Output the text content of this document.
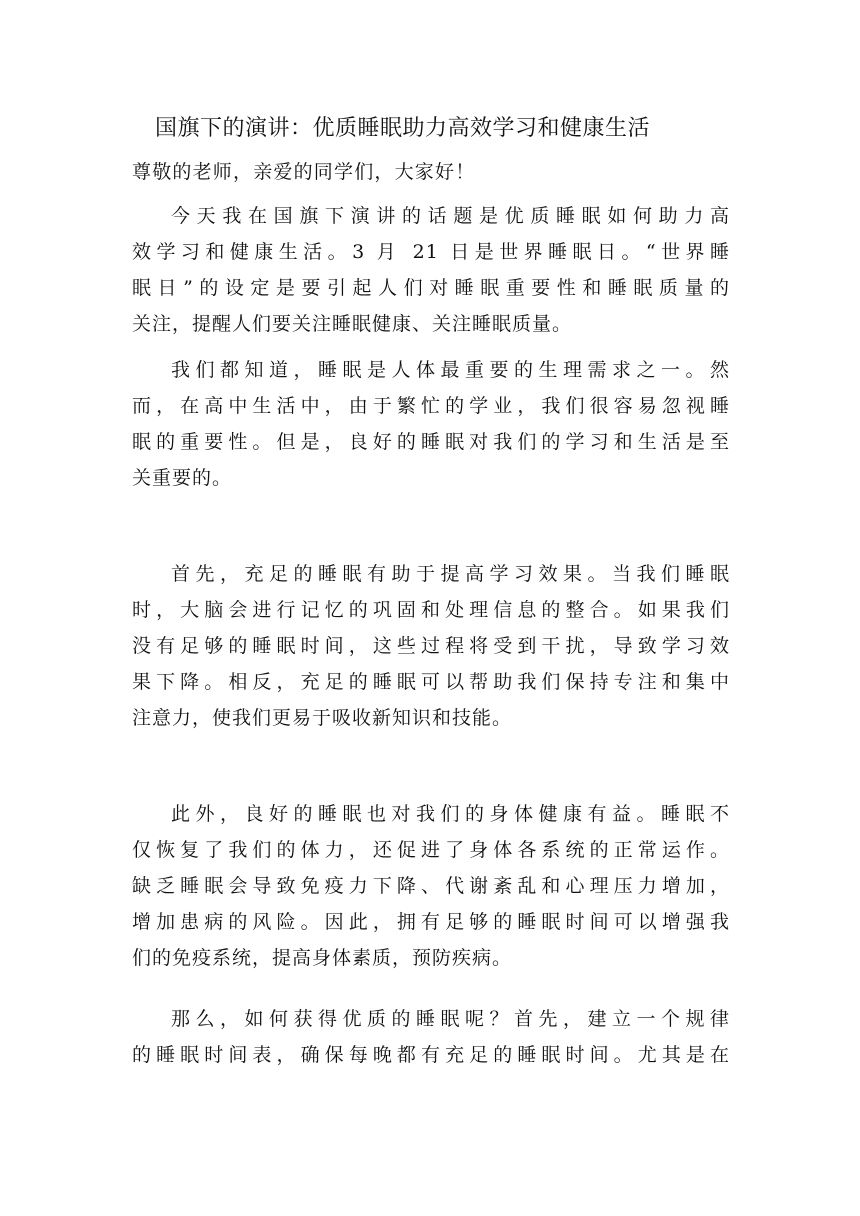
国旗下的演讲：优质睡眠助力高效学习和健康生活
尊敬的老师，亲爱的同学们，大家好！
今天我在国旗下演讲的话题是优质睡眠如何助力高
效学习和健康生活。3 月 21 日是世界睡眠日。“世界睡
眠日”的设定是要引起人们对睡眠重要性和睡眠质量的
关注，提醒人们要关注睡眠健康、关注睡眠质量。
我们都知道，睡眠是人体最重要的生理需求之一。然
而，在高中生活中，由于繁忙的学业，我们很容易忽视睡
眠的重要性。但是，良好的睡眠对我们的学习和生活是至
关重要的。
首先，充足的睡眠有助于提高学习效果。当我们睡眠
时，大脑会进行记忆的巩固和处理信息的整合。如果我们
没有足够的睡眠时间，这些过程将受到干扰，导致学习效
果下降。相反，充足的睡眠可以帮助我们保持专注和集中
注意力，使我们更易于吸收新知识和技能。
此外，良好的睡眠也对我们的身体健康有益。睡眠不
仅恢复了我们的体力，还促进了身体各系统的正常运作。
缺乏睡眠会导致免疫力下降、代谢紊乱和心理压力增加，
增加患病的风险。因此，拥有足够的睡眠时间可以增强我
们的免疫系统，提高身体素质，预防疾病。
那么，如何获得优质的睡眠呢？首先，建立一个规律
的睡眠时间表，确保每晚都有充足的睡眠时间。尤其是在
